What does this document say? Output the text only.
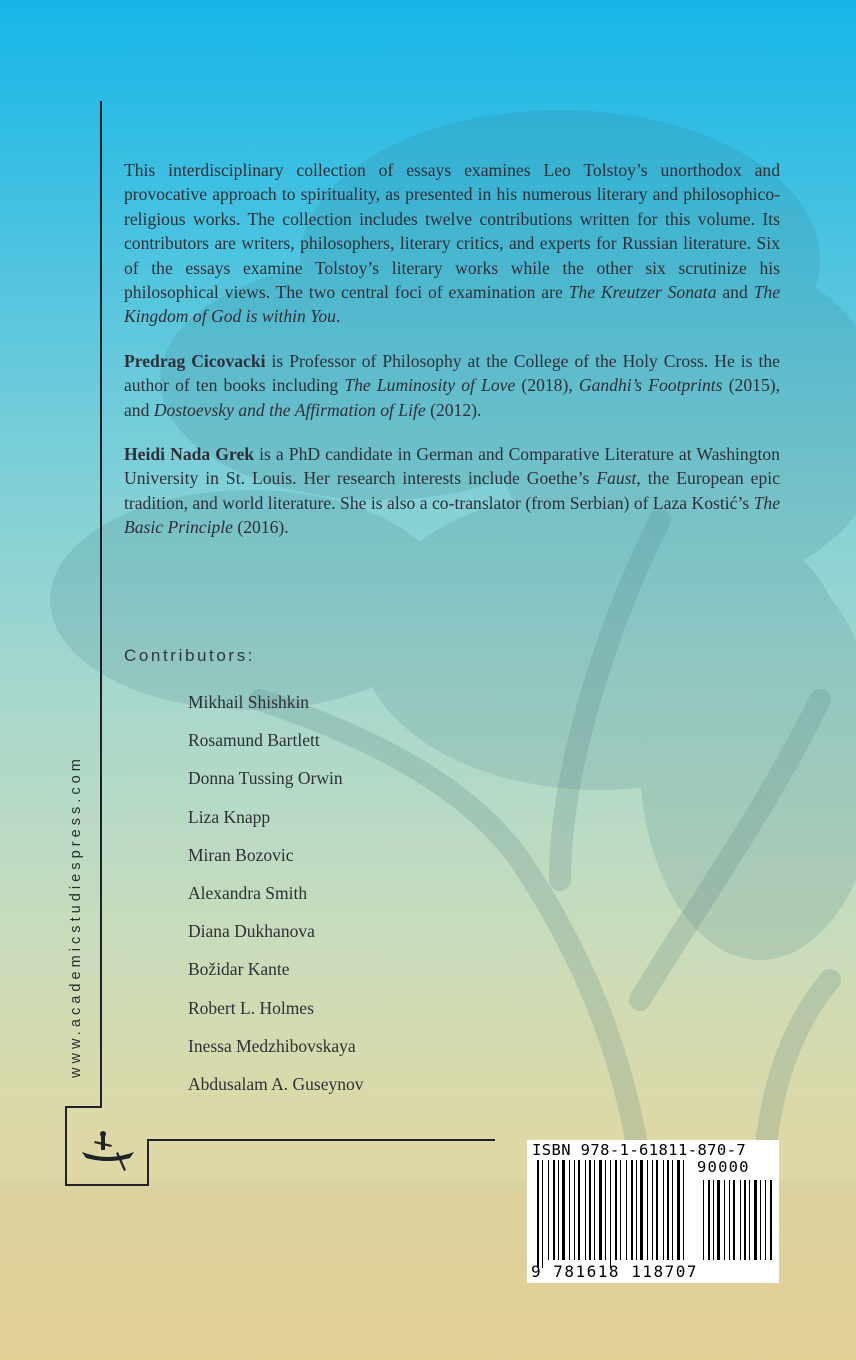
This interdisciplinary collection of essays examines Leo Tolstoy’s unorthodox and provocative approach to spirituality, as presented in his numerous literary and philosophico-religious works. The collection includes twelve contributions written for this volume. Its contributors are writers, philosophers, literary critics, and experts for Russian literature. Six of the essays examine Tolstoy’s literary works while the other six scrutinize his philosophical views. The two central foci of examination are The Kreutzer Sonata and The Kingdom of God is within You.

Predrag Cicovacki is Professor of Philosophy at the College of the Holy Cross. He is the author of ten books including The Luminosity of Love (2018), Gandhi’s Footprints (2015), and Dostoevsky and the Affirmation of Life (2012).

Heidi Nada Grek is a PhD candidate in German and Comparative Literature at Washington University in St. Louis. Her research interests include Goethe’s Faust, the European epic tradition, and world literature. She is also a co-translator (from Serbian) of Laza Kostić’s The Basic Principle (2016).

Contributors:
Mikhail Shishkin
Rosamund Bartlett
Donna Tussing Orwin
Liza Knapp
Miran Bozovic
Alexandra Smith
Diana Dukhanova
Božidar Kante
Robert L. Holmes
Inessa Medzhibovskaya
Abdusalam A. Guseynov
www.academicstudiespress.com
ISBN 978-1-61811-870-7
90000
9 781618 118707
